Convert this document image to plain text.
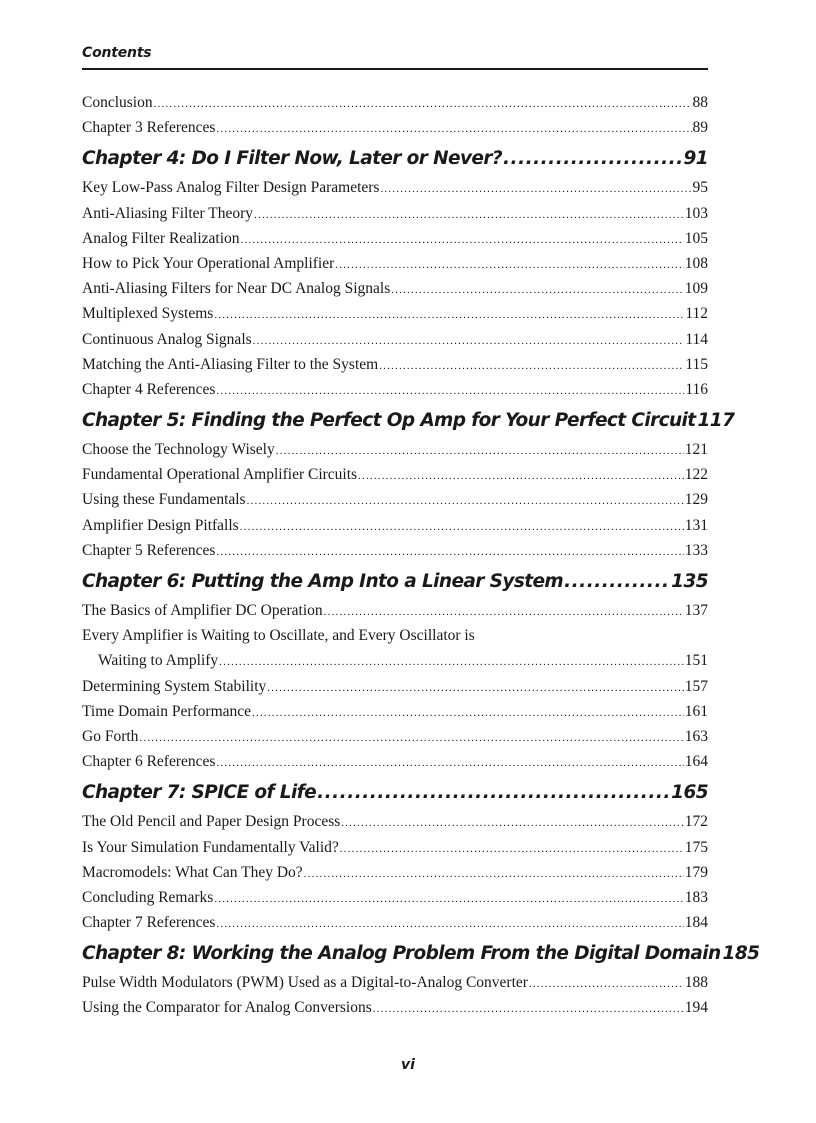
Contents
Conclusion .....	88
Chapter 3 References .....	89
Chapter 4: Do I Filter Now, Later or Never? .....	91
Key Low-Pass Analog Filter Design Parameters .....	95
Anti-Aliasing Filter Theory .....	103
Analog Filter Realization .....	105
How to Pick Your Operational Amplifier .....	108
Anti-Aliasing Filters for Near DC Analog Signals .....	109
Multiplexed Systems .....	112
Continuous Analog Signals .....	114
Matching the Anti-Aliasing Filter to the System .....	115
Chapter 4 References .....	116
Chapter 5: Finding the Perfect Op Amp for Your Perfect Circuit 117
Choose the Technology Wisely .....	121
Fundamental Operational Amplifier Circuits .....	122
Using these Fundamentals .....	129
Amplifier Design Pitfalls .....	131
Chapter 5 References .....	133
Chapter 6: Putting the Amp Into a Linear System .....	135
The Basics of Amplifier DC Operation .....	137
Every Amplifier is Waiting to Oscillate, and Every Oscillator is
Waiting to Amplify .....	151
Determining System Stability .....	157
Time Domain Performance .....	161
Go Forth .....	163
Chapter 6 References .....	164
Chapter 7: SPICE of Life .....	165
The Old Pencil and Paper Design Process .....	172
Is Your Simulation Fundamentally Valid? .....	175
Macromodels: What Can They Do? .....	179
Concluding Remarks .....	183
Chapter 7 References .....	184
Chapter 8: Working the Analog Problem From the Digital Domain 185
Pulse Width Modulators (PWM) Used as a Digital-to-Analog Converter .....	188
Using the Comparator for Analog Conversions .....	194
vi
